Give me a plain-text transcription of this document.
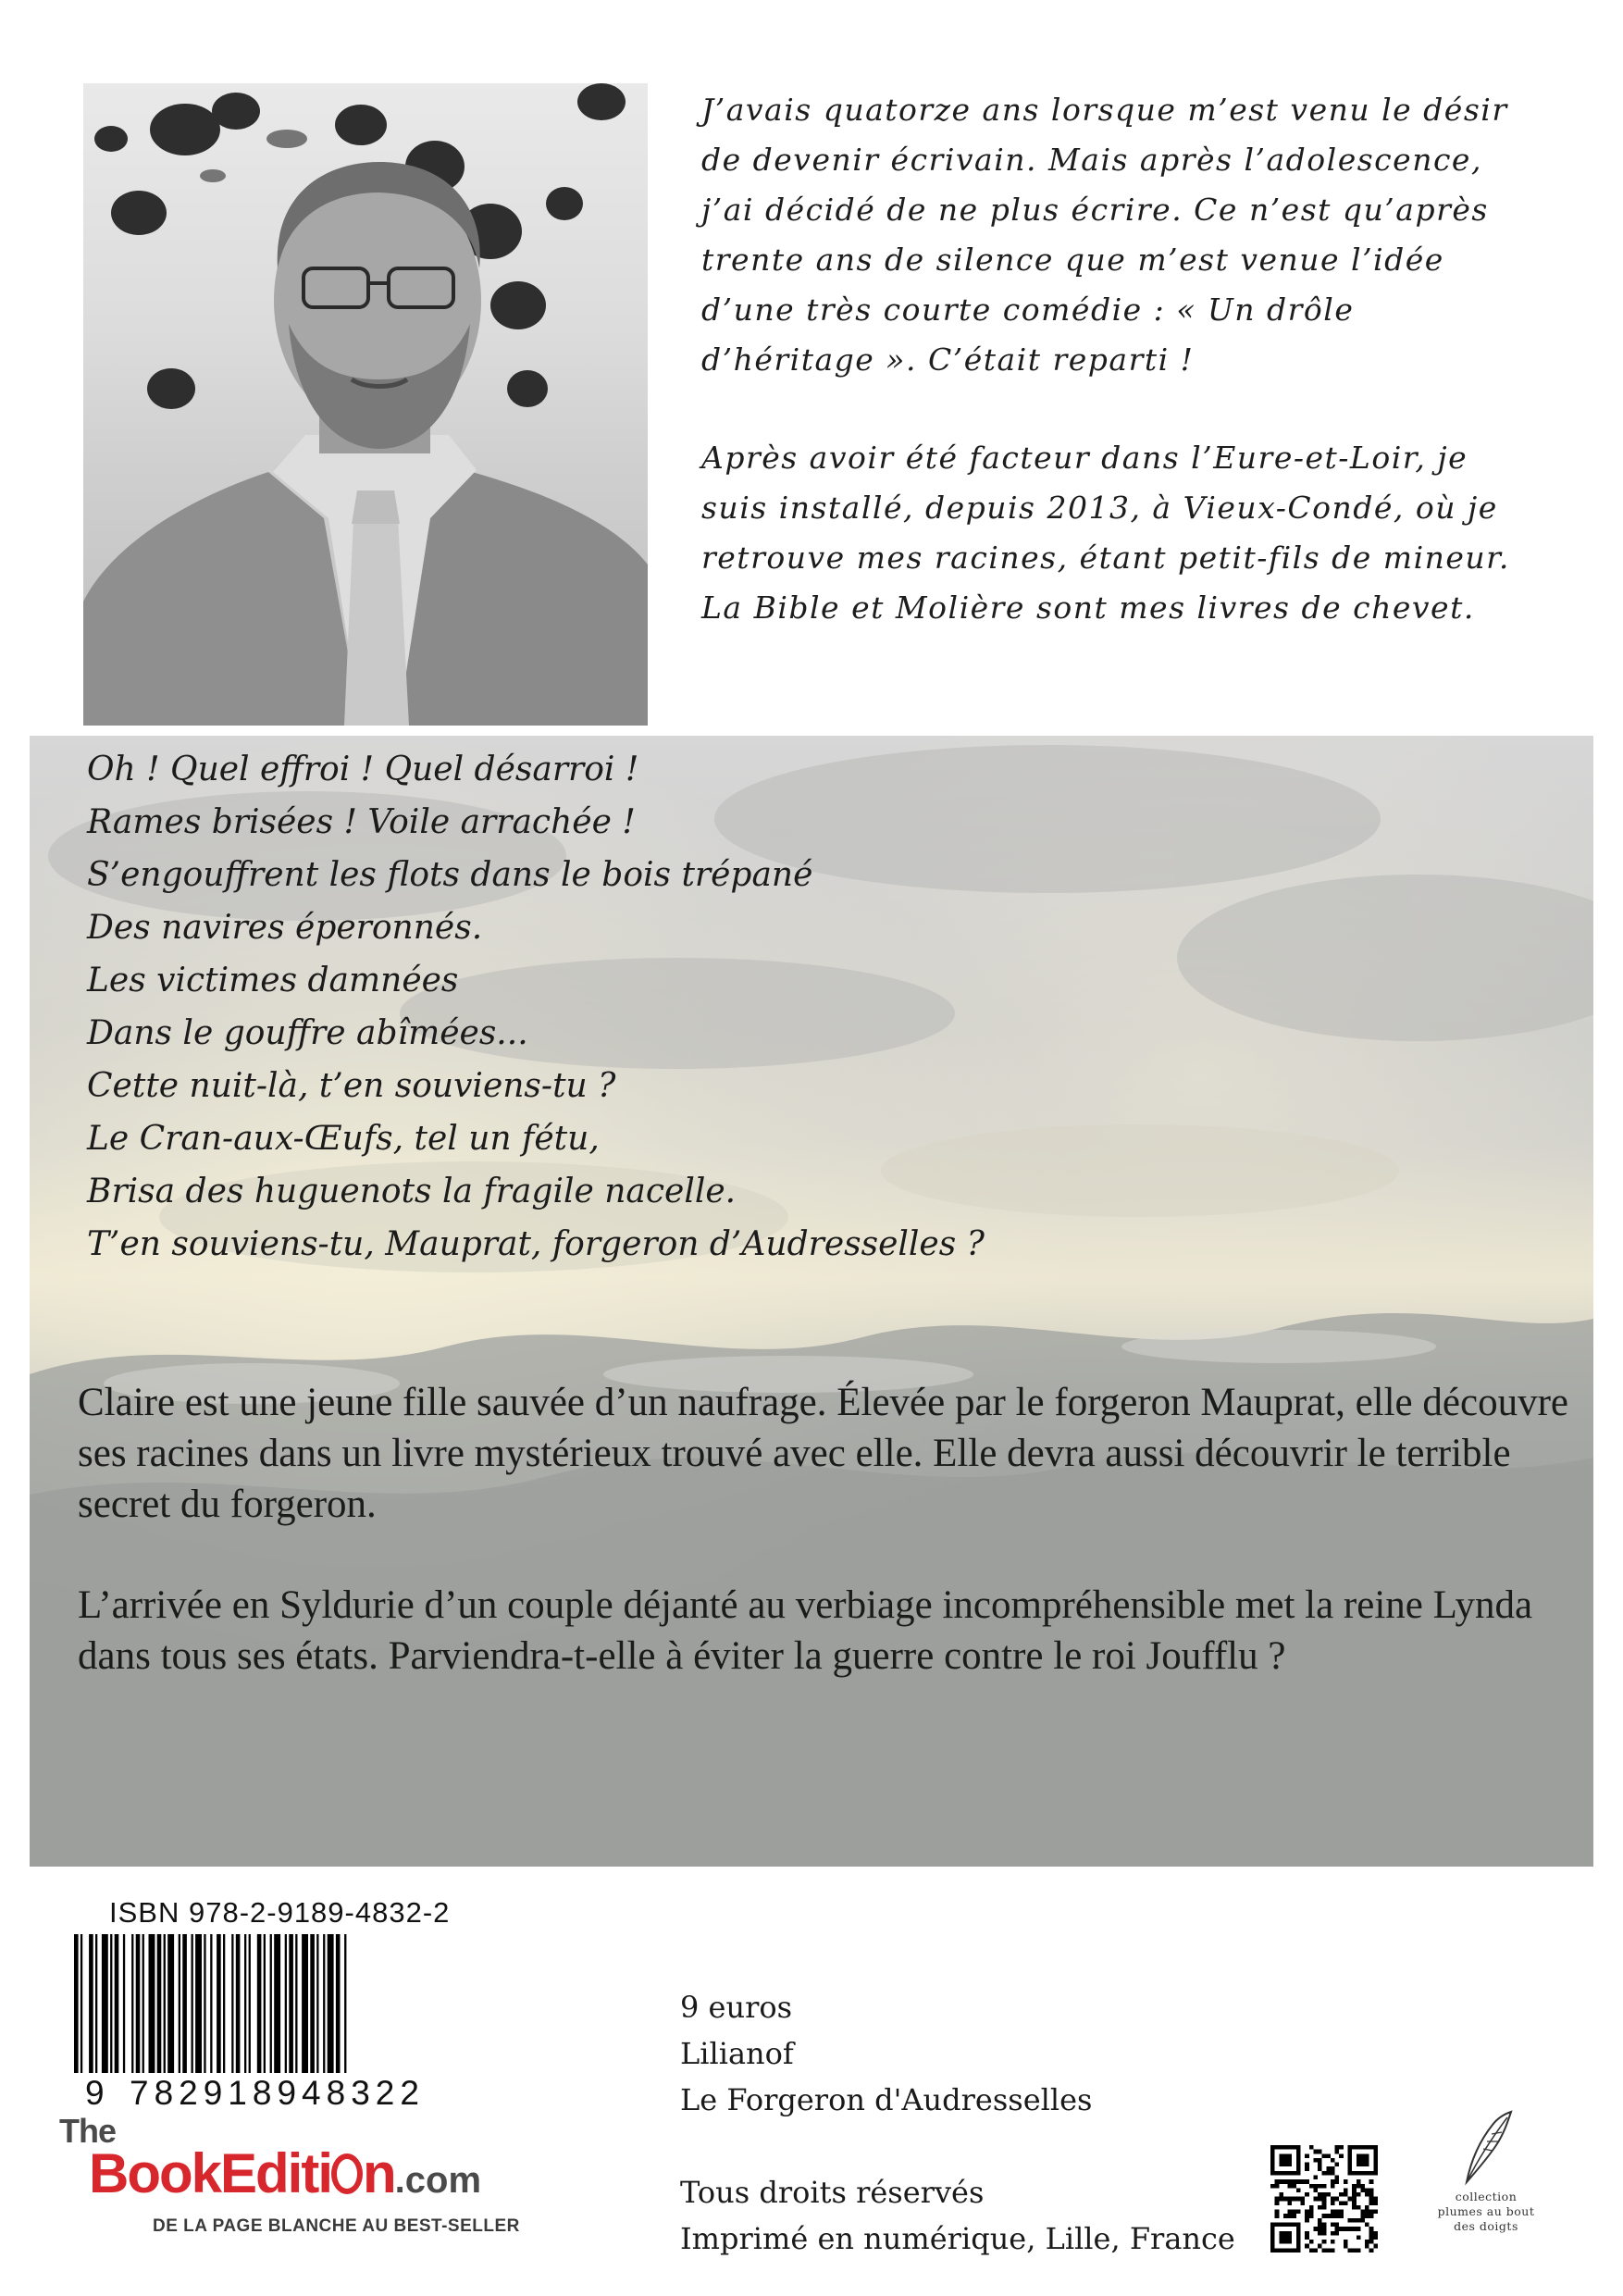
J’avais quatorze ans lorsque m’est venu le désir de devenir écrivain. Mais après l’adolescence, j’ai décidé de ne plus écrire. Ce n’est qu’après trente ans de silence que m’est venue l’idée d’une très courte comédie : « Un drôle d’héritage ». C’était reparti !

Après avoir été facteur dans l’Eure-et-Loir, je suis installé, depuis 2013, à Vieux-Condé, où je retrouve mes racines, étant petit-fils de mineur. La Bible et Molière sont mes livres de chevet.

Oh ! Quel effroi ! Quel désarroi !
Rames brisées ! Voile arrachée !
S’engouffrent les flots dans le bois trépané
Des navires éperonnés.
Les victimes damnées
Dans le gouffre abîmées...
Cette nuit-là, t’en souviens-tu ?
Le Cran-aux-Œufs, tel un fétu,
Brisa des huguenots la fragile nacelle.
T’en souviens-tu, Mauprat, forgeron d’Audresselles ?

Claire est une jeune fille sauvée d’un naufrage. Élevée par le forgeron Mauprat, elle découvre ses racines dans un livre mystérieux trouvé avec elle. Elle devra aussi découvrir le terrible secret du forgeron.

L’arrivée en Syldurie d’un couple déjanté au verbiage incompréhensible met la reine Lynda dans tous ses états. Parviendra-t-elle à éviter la guerre contre le roi Joufflu ?

ISBN 978-2-9189-4832-2
9 782918948322
The
BookEditi n.com
DE LA PAGE BLANCHE AU BEST-SELLER
9 euros
Lilianof
Le Forgeron d'Audresselles
Tous droits réservés
Imprimé en numérique, Lille, France
collection plumes au bout des doigts
